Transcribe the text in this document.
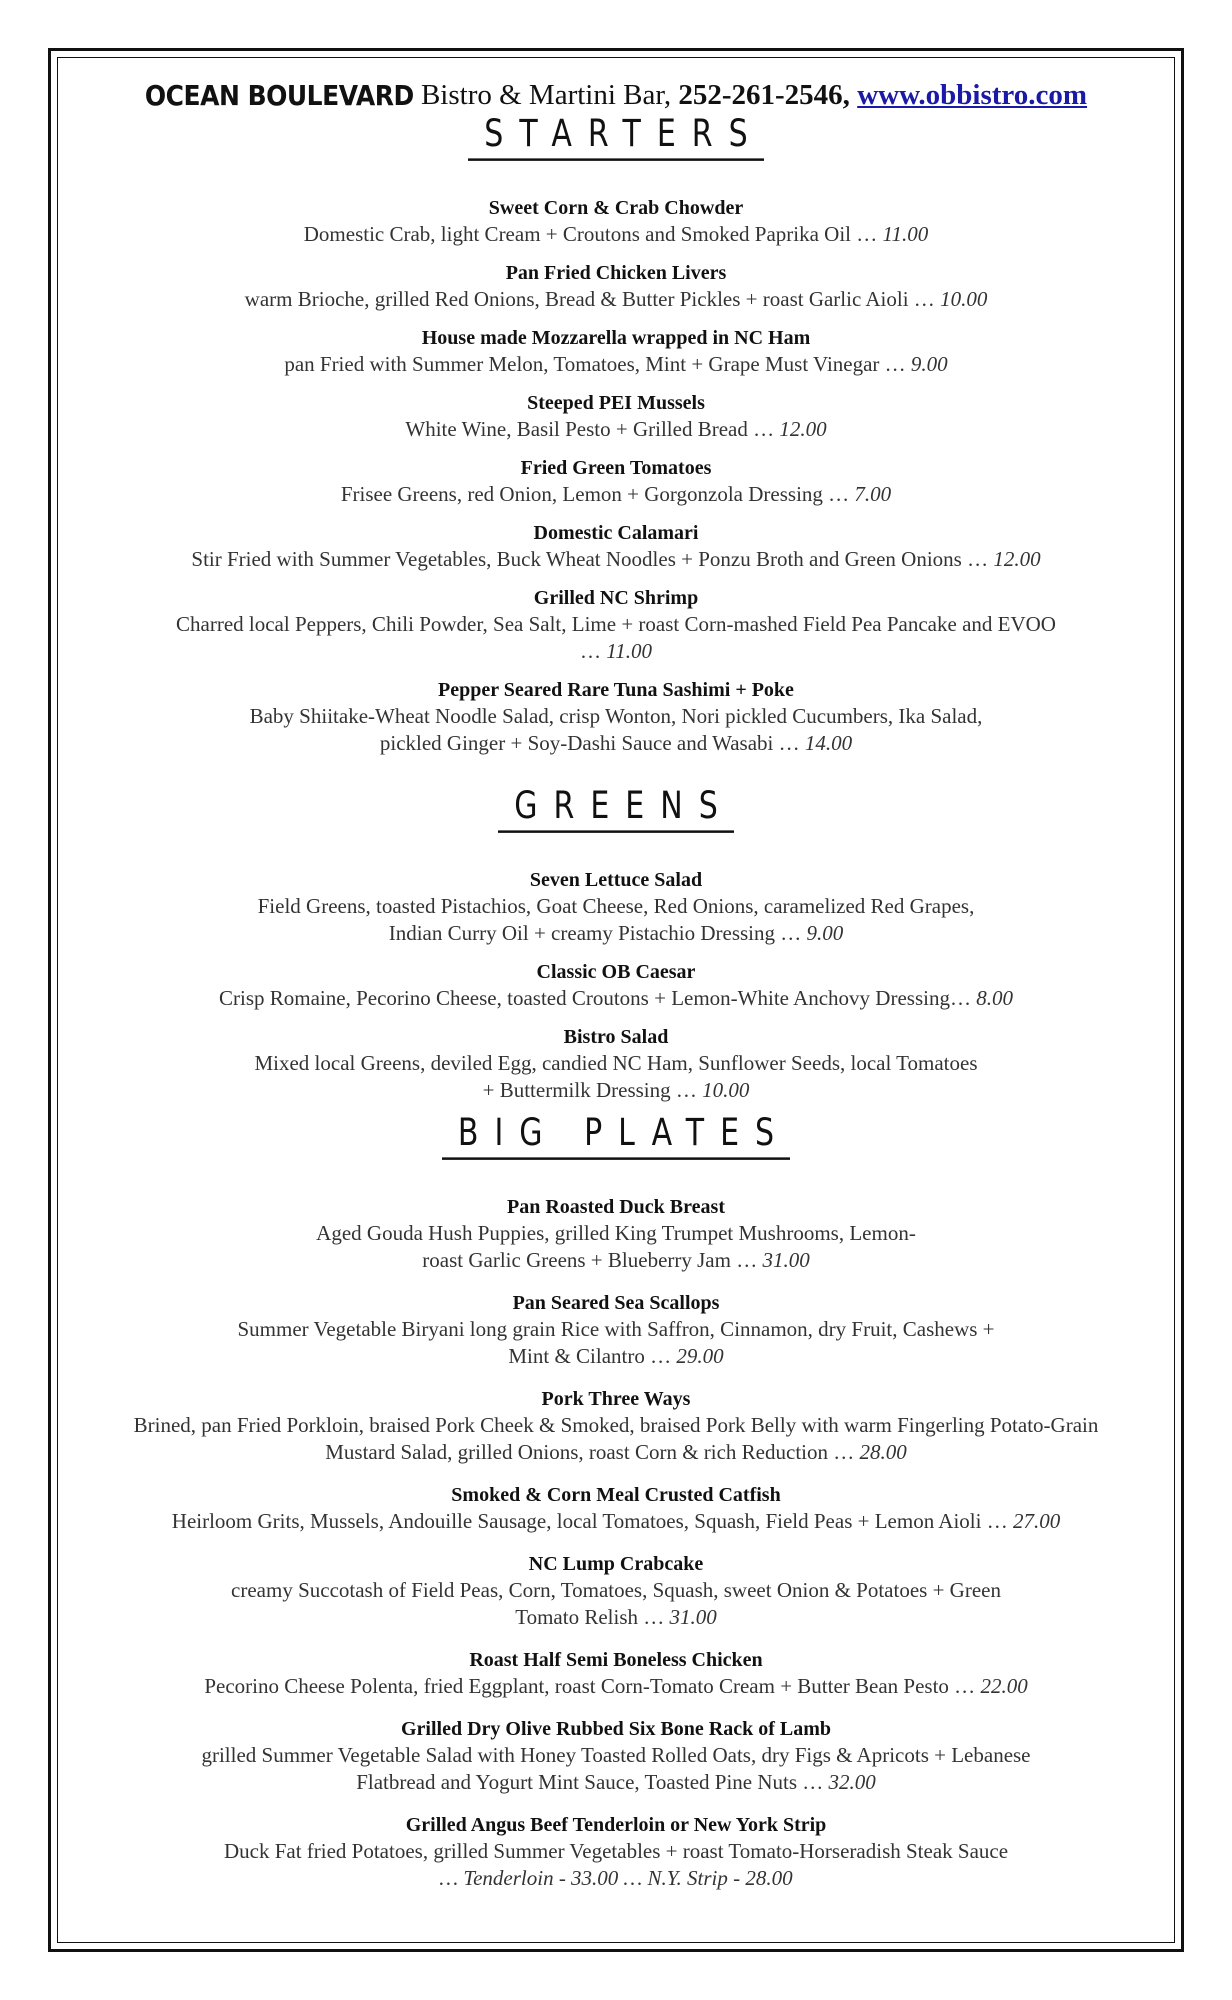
OCEAN BOULEVARD Bistro & Martini Bar, 252-261-2546, www.obbistro.com
STARTERS
Sweet Corn & Crab Chowder
Domestic Crab, light Cream + Croutons and Smoked Paprika Oil … 11.00
Pan Fried Chicken Livers
warm Brioche, grilled Red Onions, Bread & Butter Pickles + roast Garlic Aioli … 10.00
House made Mozzarella wrapped in NC Ham
pan Fried with Summer Melon, Tomatoes, Mint + Grape Must Vinegar … 9.00
Steeped PEI Mussels
White Wine, Basil Pesto + Grilled Bread … 12.00
Fried Green Tomatoes
Frisee Greens, red Onion, Lemon + Gorgonzola Dressing … 7.00
Domestic Calamari
Stir Fried with Summer Vegetables, Buck Wheat Noodles + Ponzu Broth and Green Onions … 12.00
Grilled NC Shrimp
Charred local Peppers, Chili Powder, Sea Salt, Lime + roast Corn-mashed Field Pea Pancake and EVOO … 11.00
Pepper Seared Rare Tuna Sashimi + Poke
Baby Shiitake-Wheat Noodle Salad, crisp Wonton, Nori pickled Cucumbers, Ika Salad, pickled Ginger + Soy-Dashi Sauce and Wasabi … 14.00
GREENS
Seven Lettuce Salad
Field Greens, toasted Pistachios, Goat Cheese, Red Onions, caramelized Red Grapes, Indian Curry Oil + creamy Pistachio Dressing … 9.00
Classic OB Caesar
Crisp Romaine, Pecorino Cheese, toasted Croutons + Lemon-White Anchovy Dressing… 8.00
Bistro Salad
Mixed local Greens, deviled Egg, candied NC Ham, Sunflower Seeds, local Tomatoes + Buttermilk Dressing … 10.00
BIG PLATES
Pan Roasted Duck Breast
Aged Gouda Hush Puppies, grilled King Trumpet Mushrooms, Lemon-roast Garlic Greens + Blueberry Jam … 31.00
Pan Seared Sea Scallops
Summer Vegetable Biryani long grain Rice with Saffron, Cinnamon, dry Fruit, Cashews + Mint & Cilantro … 29.00
Pork Three Ways
Brined, pan Fried Porkloin, braised Pork Cheek & Smoked, braised Pork Belly with warm Fingerling Potato-Grain Mustard Salad, grilled Onions, roast Corn & rich Reduction … 28.00
Smoked & Corn Meal Crusted Catfish
Heirloom Grits, Mussels, Andouille Sausage, local Tomatoes, Squash, Field Peas + Lemon Aioli … 27.00
NC Lump Crabcake
creamy Succotash of Field Peas, Corn, Tomatoes, Squash, sweet Onion & Potatoes + Green Tomato Relish … 31.00
Roast Half Semi Boneless Chicken
Pecorino Cheese Polenta, fried Eggplant, roast Corn-Tomato Cream + Butter Bean Pesto … 22.00
Grilled Dry Olive Rubbed Six Bone Rack of Lamb
grilled Summer Vegetable Salad with Honey Toasted Rolled Oats, dry Figs & Apricots + Lebanese Flatbread and Yogurt Mint Sauce, Toasted Pine Nuts … 32.00
Grilled Angus Beef Tenderloin or New York Strip
Duck Fat fried Potatoes, grilled Summer Vegetables + roast Tomato-Horseradish Steak Sauce
… Tenderloin - 33.00 … N.Y. Strip - 28.00
